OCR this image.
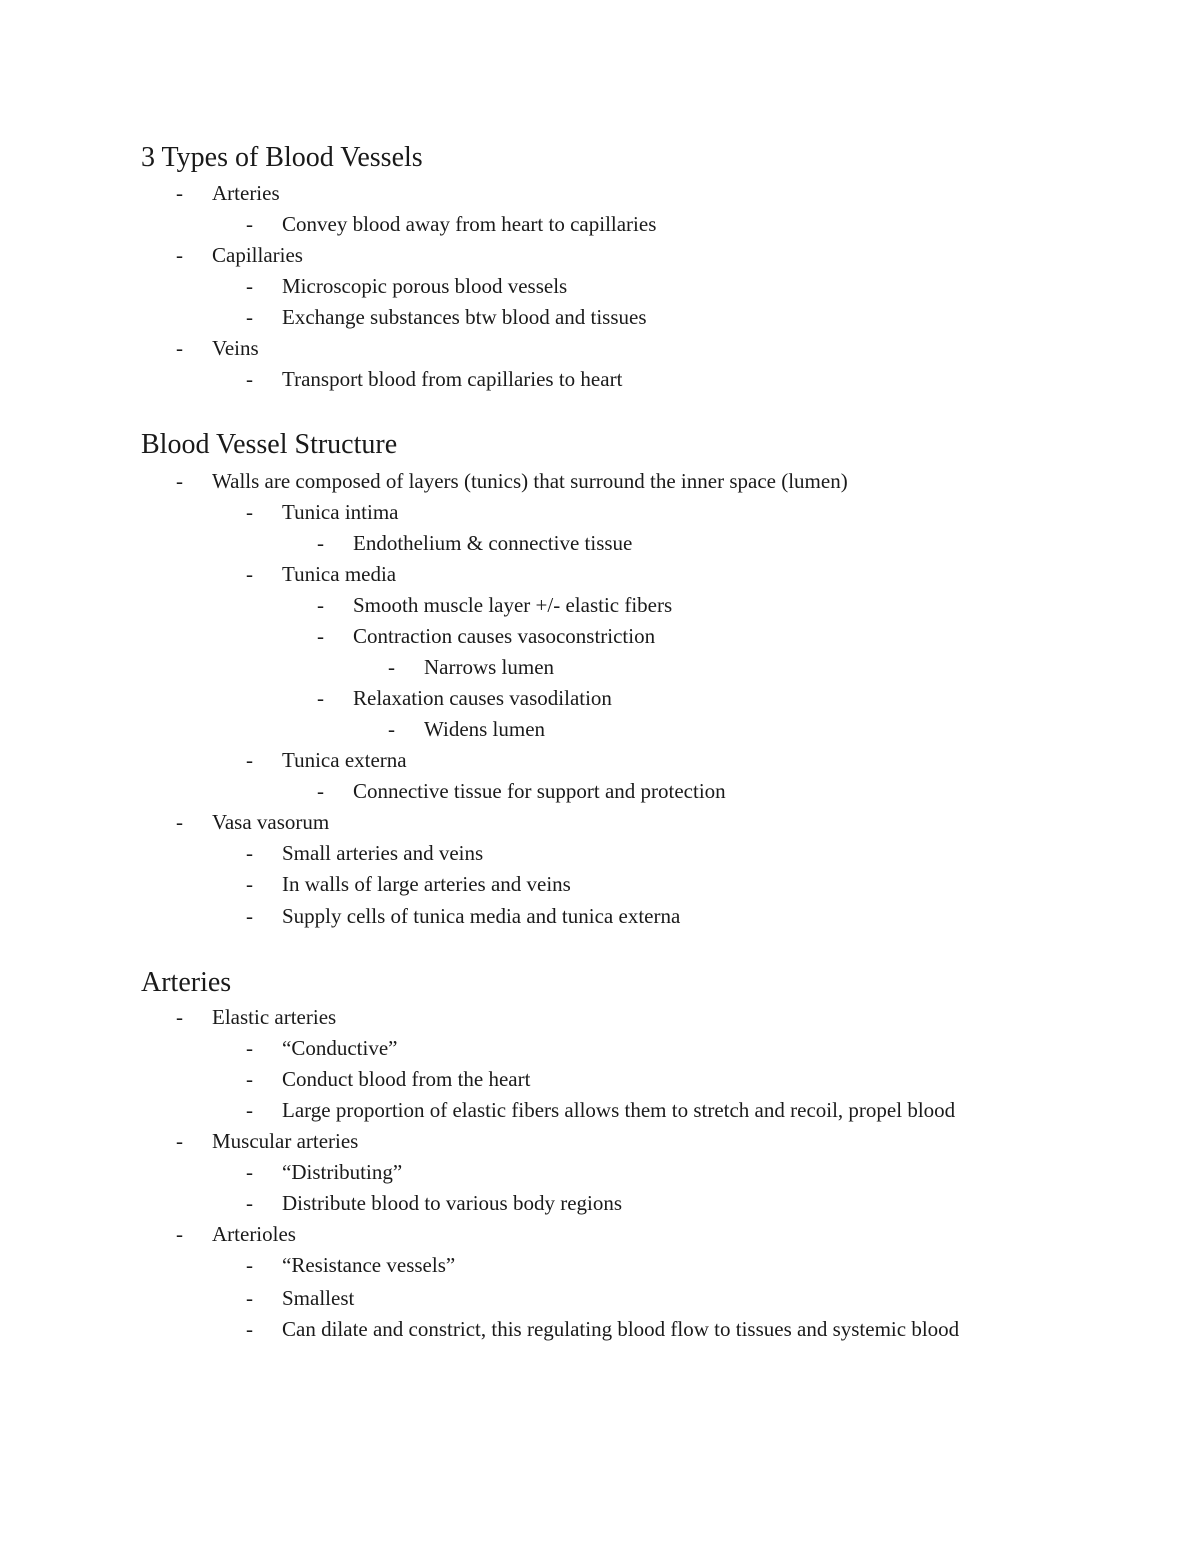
3 Types of Blood Vessels
- Arteries
- Convey blood away from heart to capillaries
- Capillaries
- Microscopic porous blood vessels
- Exchange substances btw blood and tissues
- Veins
- Transport blood from capillaries to heart
Blood Vessel Structure
- Walls are composed of layers (tunics) that surround the inner space (lumen)
- Tunica intima
- Endothelium & connective tissue
- Tunica media
- Smooth muscle layer +/- elastic fibers
- Contraction causes vasoconstriction
- Narrows lumen
- Relaxation causes vasodilation
- Widens lumen
- Tunica externa
- Connective tissue for support and protection
- Vasa vasorum
- Small arteries and veins
- In walls of large arteries and veins
- Supply cells of tunica media and tunica externa
Arteries
- Elastic arteries
- “Conductive”
- Conduct blood from the heart
- Large proportion of elastic fibers allows them to stretch and recoil, propel blood
- Muscular arteries
- “Distributing”
- Distribute blood to various body regions
- Arterioles
- “Resistance vessels”
- Smallest
- Can dilate and constrict, this regulating blood flow to tissues and systemic blood
